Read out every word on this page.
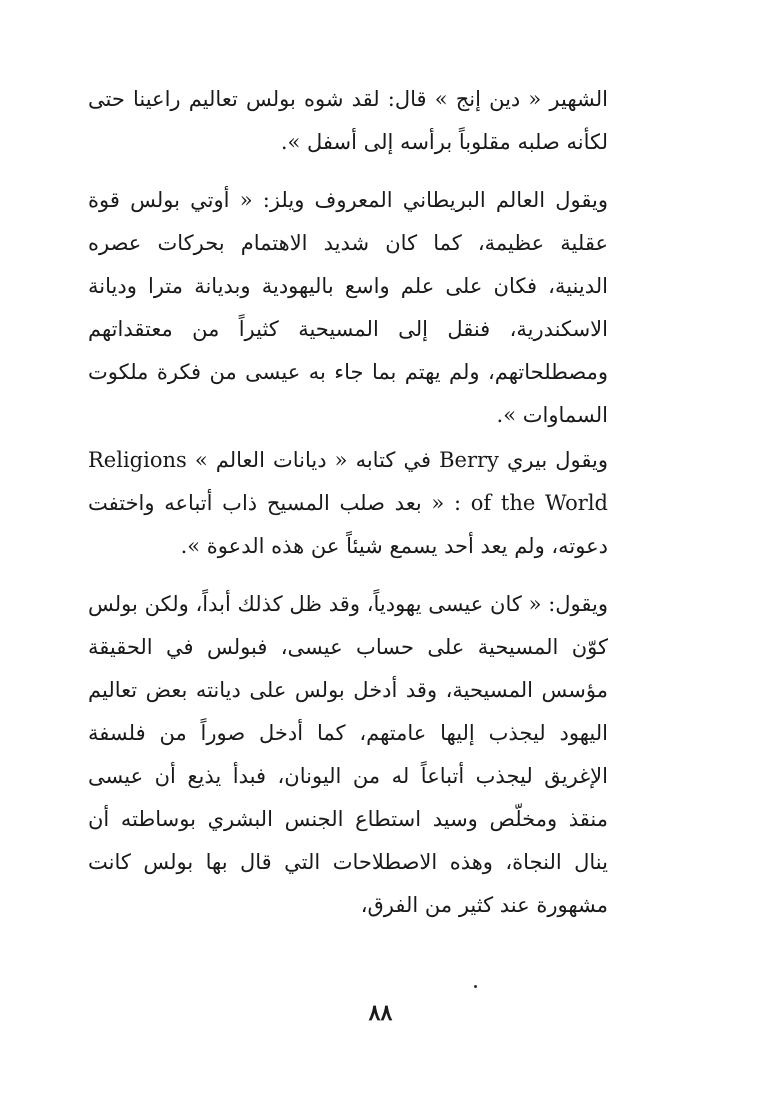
الشهير « دين إنج » قال: لقد شوه بولس تعاليم راعينا حتى لكأنه صلبه مقلوباً برأسه إلى أسفل ».

ويقول العالم البريطاني المعروف ويلز: « أوتي بولس قوة عقلية عظيمة، كما كان شديد الاهتمام بحركات عصره الدينية، فكان على علم واسع باليهودية وبديانة مترا وديانة الاسكندرية، فنقل إلى المسيحية كثيراً من معتقداتهم ومصطلحاتهم، ولم يهتم بما جاء به عيسى من فكرة ملكوت السماوات ».

ويقول بيري Berry في كتابه « ديانات العالم » Religions of the World : « بعد صلب المسيح ذاب أتباعه واختفت دعوته، ولم يعد أحد يسمع شيئاً عن هذه الدعوة ».

ويقول: « كان عيسى يهودياً، وقد ظل كذلك أبداً، ولكن بولس كوّن المسيحية على حساب عيسى، فبولس في الحقيقة مؤسس المسيحية، وقد أدخل بولس على ديانته بعض تعاليم اليهود ليجذب إليها عامتهم، كما أدخل صوراً من فلسفة الإغريق ليجذب أتباعاً له من اليونان، فبدأ يذيع أن عيسى منقذ ومخلّص وسيد استطاع الجنس البشري بوساطته أن ينال النجاة، وهذه الاصطلاحات التي قال بها بولس كانت مشهورة عند كثير من الفرق،

٨٨
